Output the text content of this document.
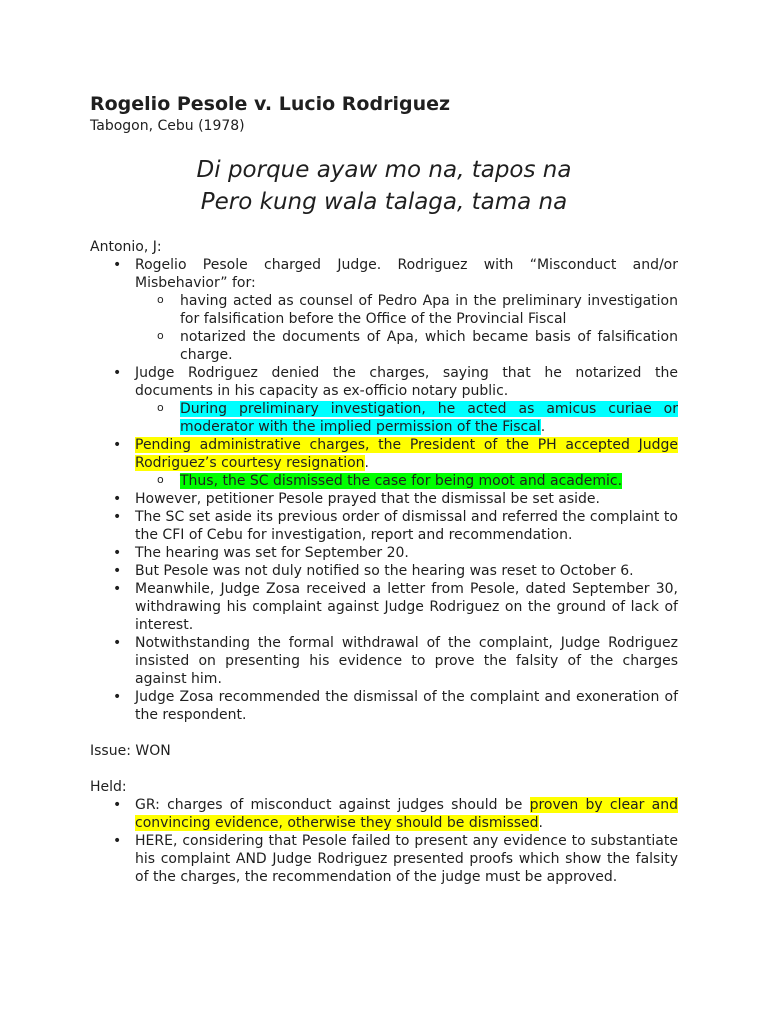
Rogelio Pesole v. Lucio Rodriguez
Tabogon, Cebu (1978)
Di porque ayaw mo na, tapos na
Pero kung wala talaga, tama na
Antonio, J:
• Rogelio Pesole charged Judge. Rodriguez with “Misconduct and/or Misbehavior” for:
o having acted as counsel of Pedro Apa in the preliminary investigation for falsification before the Office of the Provincial Fiscal
o notarized the documents of Apa, which became basis of falsification charge.
• Judge Rodriguez denied the charges, saying that he notarized the documents in his capacity as ex-officio notary public.
o During preliminary investigation, he acted as amicus curiae or moderator with the implied permission of the Fiscal.
• Pending administrative charges, the President of the PH accepted Judge Rodriguez’s courtesy resignation.
o Thus, the SC dismissed the case for being moot and academic.
• However, petitioner Pesole prayed that the dismissal be set aside.
• The SC set aside its previous order of dismissal and referred the complaint to the CFI of Cebu for investigation, report and recommendation.
• The hearing was set for September 20.
• But Pesole was not duly notified so the hearing was reset to October 6.
• Meanwhile, Judge Zosa received a letter from Pesole, dated September 30, withdrawing his complaint against Judge Rodriguez on the ground of lack of interest.
• Notwithstanding the formal withdrawal of the complaint, Judge Rodriguez insisted on presenting his evidence to prove the falsity of the charges against him.
• Judge Zosa recommended the dismissal of the complaint and exoneration of the respondent.
Issue: WON
Held:
• GR: charges of misconduct against judges should be proven by clear and convincing evidence, otherwise they should be dismissed.
• HERE, considering that Pesole failed to present any evidence to substantiate his complaint AND Judge Rodriguez presented proofs which show the falsity of the charges, the recommendation of the judge must be approved.
